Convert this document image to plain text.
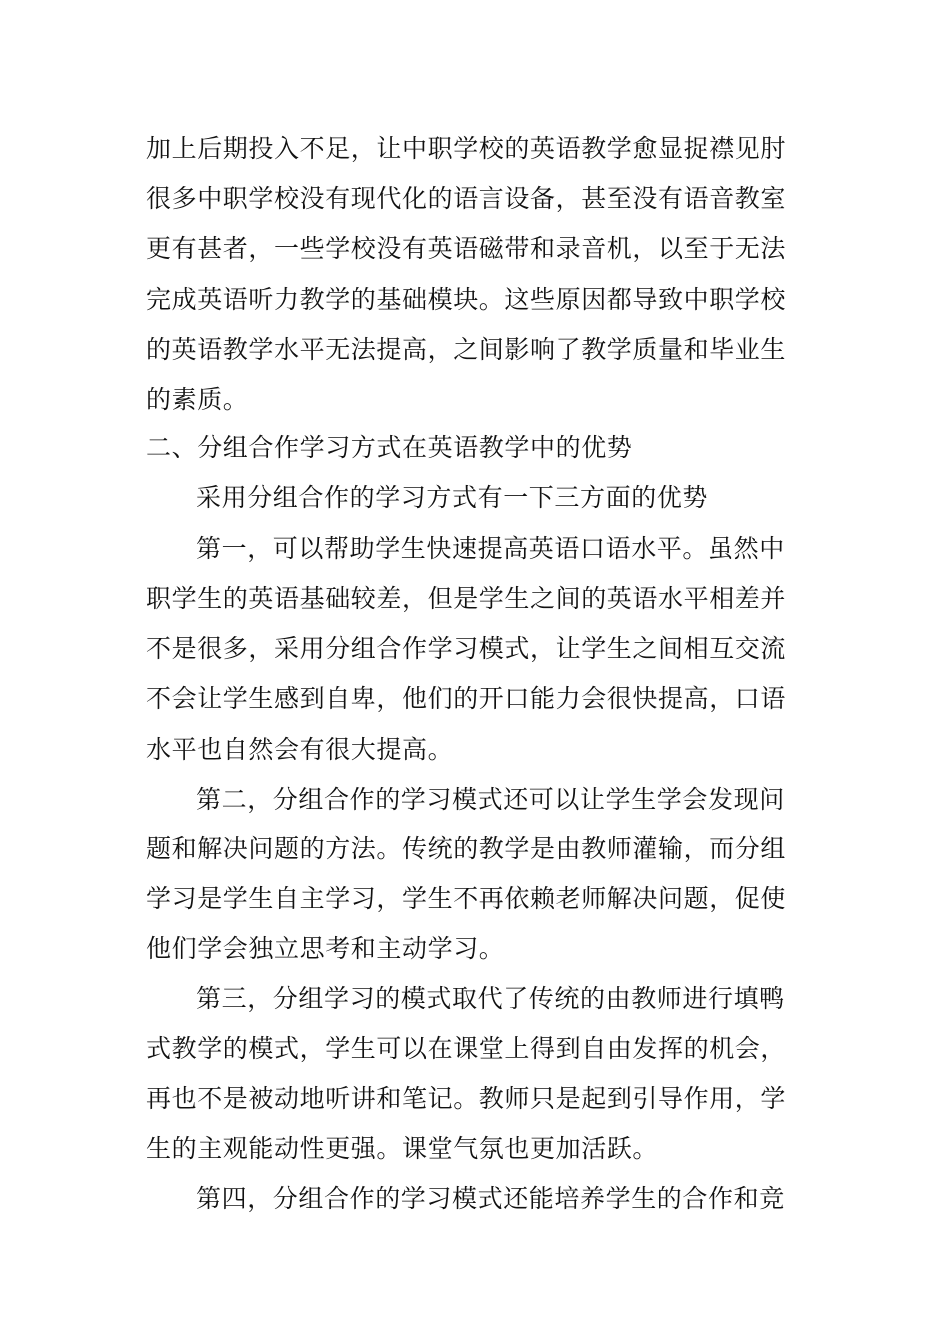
加上后期投入不足，让中职学校的英语教学愈显捉襟见肘
很多中职学校没有现代化的语言设备，甚至没有语音教室
更有甚者，一些学校没有英语磁带和录音机，以至于无法
完成英语听力教学的基础模块。这些原因都导致中职学校
的英语教学水平无法提高，之间影响了教学质量和毕业生
的素质。
二、分组合作学习方式在英语教学中的优势
采用分组合作的学习方式有一下三方面的优势
第一，可以帮助学生快速提高英语口语水平。虽然中
职学生的英语基础较差，但是学生之间的英语水平相差并
不是很多，采用分组合作学习模式，让学生之间相互交流
不会让学生感到自卑，他们的开口能力会很快提高，口语
水平也自然会有很大提高。
第二，分组合作的学习模式还可以让学生学会发现问
题和解决问题的方法。传统的教学是由教师灌输，而分组
学习是学生自主学习，学生不再依赖老师解决问题，促使
他们学会独立思考和主动学习。
第三，分组学习的模式取代了传统的由教师进行填鸭
式教学的模式，学生可以在课堂上得到自由发挥的机会，
再也不是被动地听讲和笔记。教师只是起到引导作用，学
生的主观能动性更强。课堂气氛也更加活跃。
第四，分组合作的学习模式还能培养学生的合作和竞
